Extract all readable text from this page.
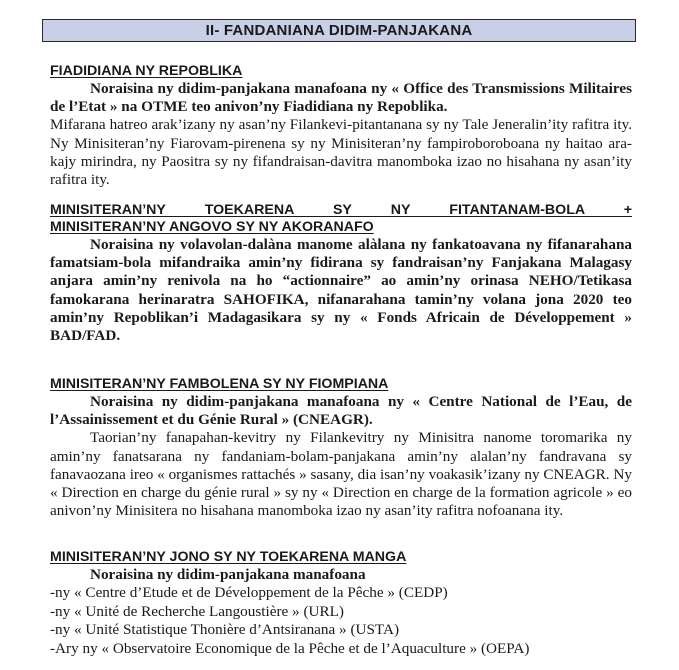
II- FANDANIANA DIDIM-PANJAKANA
FIADIDIANA NY REPOBLIKA

Noraisina ny didim-panjakana manafoana ny « Office des Transmissions Militaires de l’Etat » na OTME teo anivon’ny Fiadidiana ny Repoblika.

Mifarana hatreo arak’izany ny asan’ny Filankevi-pitantanana sy ny Tale Jeneralin’ity rafitra ity. Ny Minisiteran’ny Fiarovam-pirenena sy ny Minisiteran’ny fampiroboroboana ny haitao ara-kajy mirindra, ny Paositra sy ny fifandraisan-davitra manomboka izao no hisahana ny asan’ity rafitra ity.

MINISITERAN’NY TOEKARENA SY NY FITANTANAM-BOLA +
MINISITERAN’NY ANGOVO SY NY AKORANAFO

Noraisina ny volavolan-dalàna manome alàlana ny fankatoavana ny fifanarahana famatsiam-bola mifandraika amin’ny fidirana sy fandraisan’ny Fanjakana Malagasy anjara amin’ny renivola na ho “actionnaire” ao amin’ny orinasa NEHO/Tetikasa famokarana herinaratra SAHOFIKA, nifanarahana tamin’ny volana jona 2020 teo amin’ny Repoblikan’i Madagasikara sy ny « Fonds Africain de Développement » BAD/FAD.

MINISITERAN’NY FAMBOLENA SY NY FIOMPIANA

Noraisina ny didim-panjakana manafoana ny « Centre National de l’Eau, de l’Assainissement et du Génie Rural » (CNEAGR).

Taorian’ny fanapahan-kevitry ny Filankevitry ny Minisitra nanome toromarika ny amin’ny fanatsarana ny fandaniam-bolam-panjakana amin’ny alalan’ny fandravana sy fanavaozana ireo « organismes rattachés » sasany, dia isan’ny voakasik’izany ny CNEAGR. Ny « Direction en charge du génie rural » sy ny « Direction en charge de la formation agricole » eo anivon’ny Minisitera no hisahana manomboka izao ny asan’ity rafitra nofoanana ity.

MINISITERAN’NY JONO SY NY TOEKARENA MANGA

Noraisina ny didim-panjakana manafoana

-ny « Centre d’Etude et de Développement de la Pêche » (CEDP)

-ny « Unité de Recherche Langoustière » (URL)

-ny « Unité Statistique Thonière d’Antsiranana » (USTA)

-Ary ny « Observatoire Economique de la Pêche et de l’Aquaculture » (OEPA)
